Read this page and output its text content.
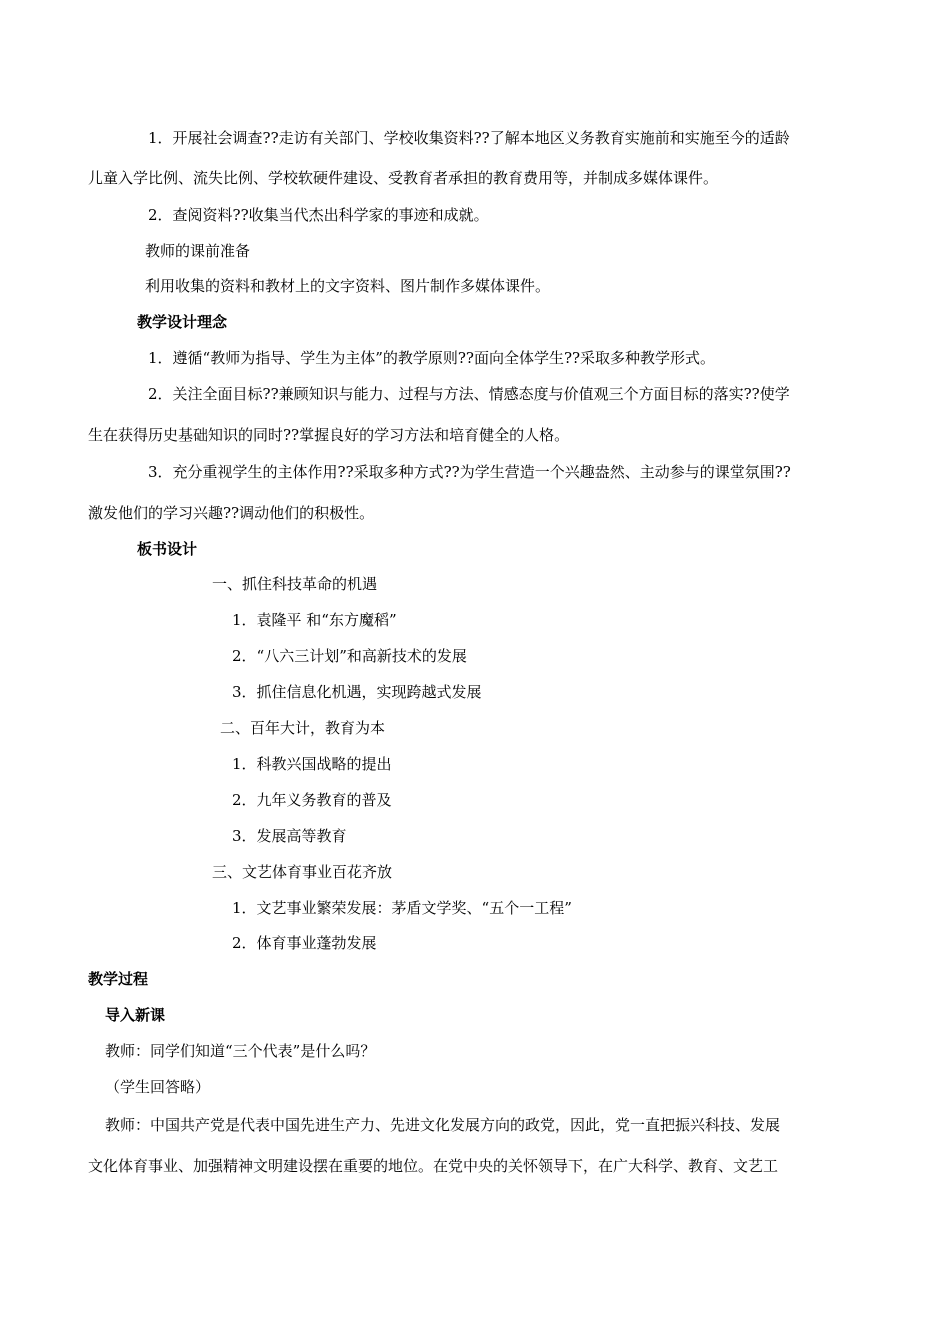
1．开展社会调查??走访有关部门、学校收集资料??了解本地区义务教育实施前和实施至今的适龄
儿童入学比例、流失比例、学校软硬件建设、受教育者承担的教育费用等，并制成多媒体课件。
2．查阅资料??收集当代杰出科学家的事迹和成就。
教师的课前准备
利用收集的资料和教材上的文字资料、图片制作多媒体课件。
教学设计理念
1．遵循“教师为指导、学生为主体”的教学原则??面向全体学生??采取多种教学形式。
2．关注全面目标??兼顾知识与能力、过程与方法、情感态度与价值观三个方面目标的落实??使学
生在获得历史基础知识的同时??掌握良好的学习方法和培育健全的人格。
3．充分重视学生的主体作用??采取多种方式??为学生营造一个兴趣盎然、主动参与的课堂氛围??
激发他们的学习兴趣??调动他们的积极性。
板书设计
一、抓住科技革命的机遇
1．袁隆平 和“东方魔稻”
2．“八六三计划”和高新技术的发展
3．抓住信息化机遇，实现跨越式发展
二、百年大计，教育为本
1．科教兴国战略的提出
2．九年义务教育的普及
3．发展高等教育
三、文艺体育事业百花齐放
1．文艺事业繁荣发展：茅盾文学奖、“五个一工程”
2．体育事业蓬勃发展
教学过程
导入新课
教师：同学们知道“三个代表”是什么吗？
（学生回答略）
教师：中国共产党是代表中国先进生产力、先进文化发展方向的政党，因此，党一直把振兴科技、发展
文化体育事业、加强精神文明建设摆在重要的地位。在党中央的关怀领导下，在广大科学、教育、文艺工
